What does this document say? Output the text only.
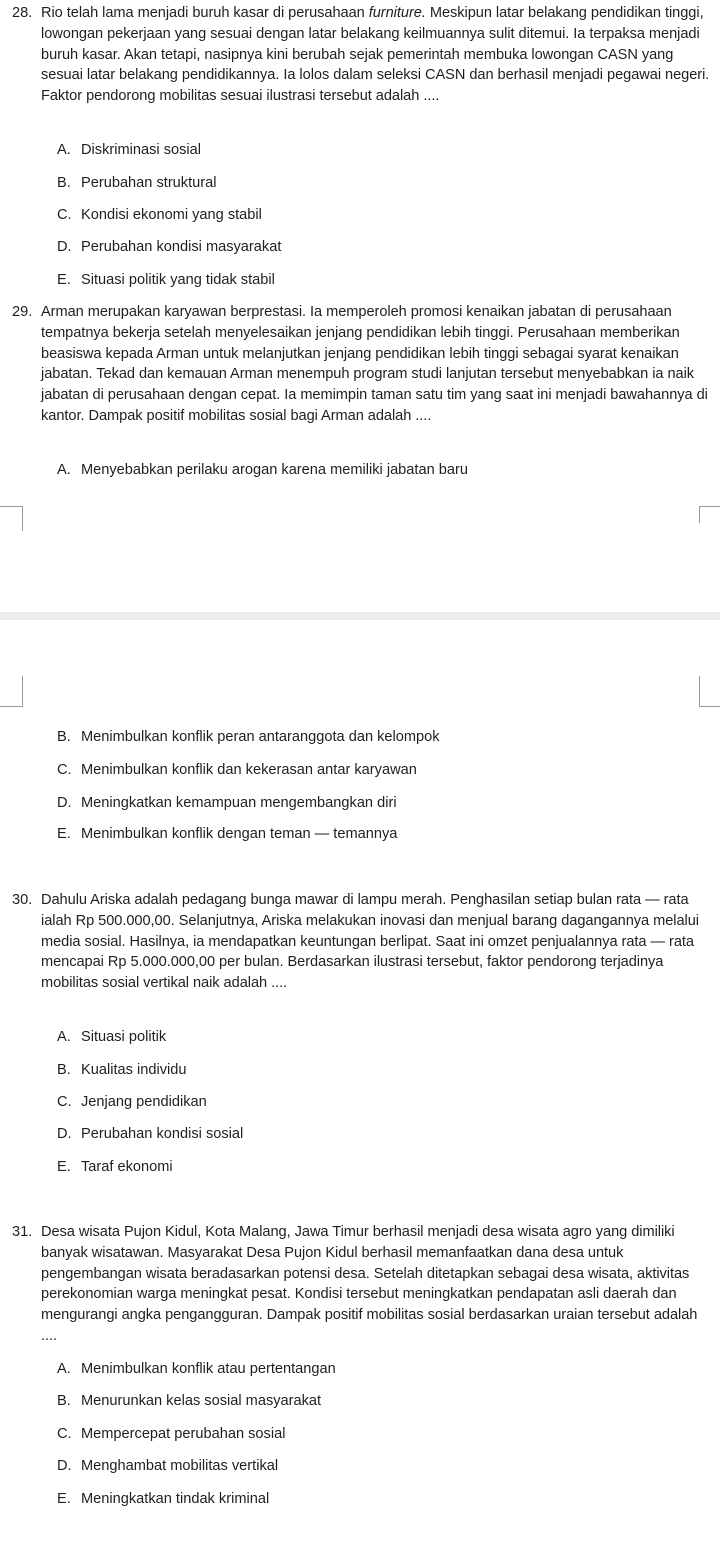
28. Rio telah lama menjadi buruh kasar di perusahaan furniture. Meskipun latar belakang pendidikan tinggi, lowongan pekerjaan yang sesuai dengan latar belakang keilmuannya sulit ditemui. Ia terpaksa menjadi buruh kasar. Akan tetapi, nasipnya kini berubah sejak pemerintah membuka lowongan CASN yang sesuai latar belakang pendidikannya. Ia lolos dalam seleksi CASN dan berhasil menjadi pegawai negeri. Faktor pendorong mobilitas sesuai ilustrasi tersebut adalah ....
A. Diskriminasi sosial
B. Perubahan struktural
C. Kondisi ekonomi yang stabil
D. Perubahan kondisi masyarakat
E. Situasi politik yang tidak stabil
29. Arman merupakan karyawan berprestasi. Ia memperoleh promosi kenaikan jabatan di perusahaan tempatnya bekerja setelah menyelesaikan jenjang pendidikan lebih tinggi. Perusahaan memberikan beasiswa kepada Arman untuk melanjutkan jenjang pendidikan lebih tinggi sebagai syarat kenaikan jabatan. Tekad dan kemauan Arman menempuh program studi lanjutan tersebut menyebabkan ia naik jabatan di perusahaan dengan cepat. Ia memimpin taman satu tim yang saat ini menjadi bawahannya di kantor. Dampak positif mobilitas sosial bagi Arman adalah ....
A. Menyebabkan perilaku arogan karena memiliki jabatan baru
B. Menimbulkan konflik peran antaranggota dan kelompok
C. Menimbulkan konflik dan kekerasan antar karyawan
D. Meningkatkan kemampuan mengembangkan diri
E. Menimbulkan konflik dengan teman — temannya
30. Dahulu Ariska adalah pedagang bunga mawar di lampu merah. Penghasilan setiap bulan rata — rata ialah Rp 500.000,00. Selanjutnya, Ariska melakukan inovasi dan menjual barang dagangannya melalui media sosial. Hasilnya, ia mendapatkan keuntungan berlipat. Saat ini omzet penjualannya rata — rata mencapai Rp 5.000.000,00 per bulan. Berdasarkan ilustrasi tersebut, faktor pendorong terjadinya mobilitas sosial vertikal naik adalah ....
A. Situasi politik
B. Kualitas individu
C. Jenjang pendidikan
D. Perubahan kondisi sosial
E. Taraf ekonomi
31. Desa wisata Pujon Kidul, Kota Malang, Jawa Timur berhasil menjadi desa wisata agro yang dimiliki banyak wisatawan. Masyarakat Desa Pujon Kidul berhasil memanfaatkan dana desa untuk pengembangan wisata beradasarkan potensi desa. Setelah ditetapkan sebagai desa wisata, aktivitas perekonomian warga meningkat pesat. Kondisi tersebut meningkatkan pendapatan asli daerah dan mengurangi angka pengangguran. Dampak positif mobilitas sosial berdasarkan uraian tersebut adalah ....
A. Menimbulkan konflik atau pertentangan
B. Menurunkan kelas sosial masyarakat
C. Mempercepat perubahan sosial
D. Menghambat mobilitas vertikal
E. Meningkatkan tindak kriminal
